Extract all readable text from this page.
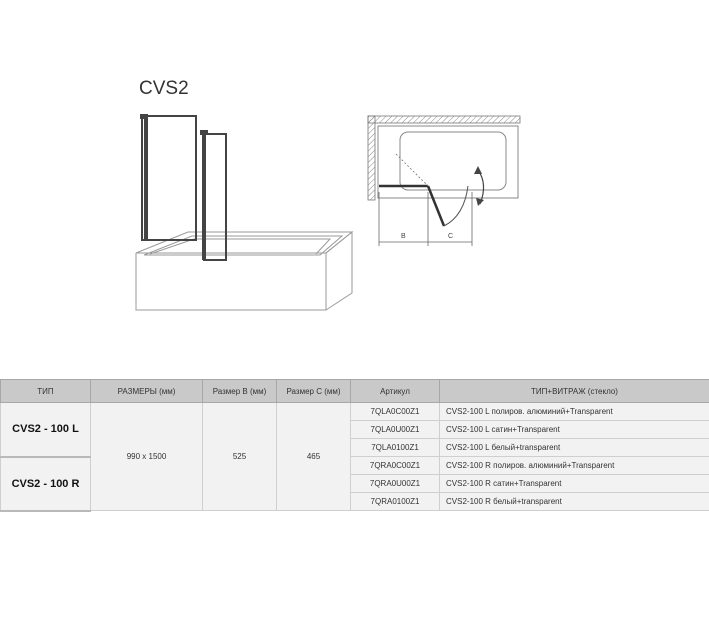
CVS2
B	C
ТИП	РАЗМЕРЫ (мм)	Размер B (мм)	Размер C (мм)	Артикул	ТИП+ВИТРАЖ (стекло)
CVS2 - 100 L	990 x 1500	525	465	7QLA0C00Z1	CVS2-100 L полиров. алюминий+Transparent
				7QLA0U00Z1	CVS2-100 L сатин+Transparent
				7QLA0100Z1	CVS2-100 L белый+transparent
CVS2 - 100 R				7QRA0C00Z1	CVS2-100 R полиров. алюминий+Transparent
				7QRA0U00Z1	CVS2-100 R сатин+Transparent
				7QRA0100Z1	CVS2-100 R белый+transparent
